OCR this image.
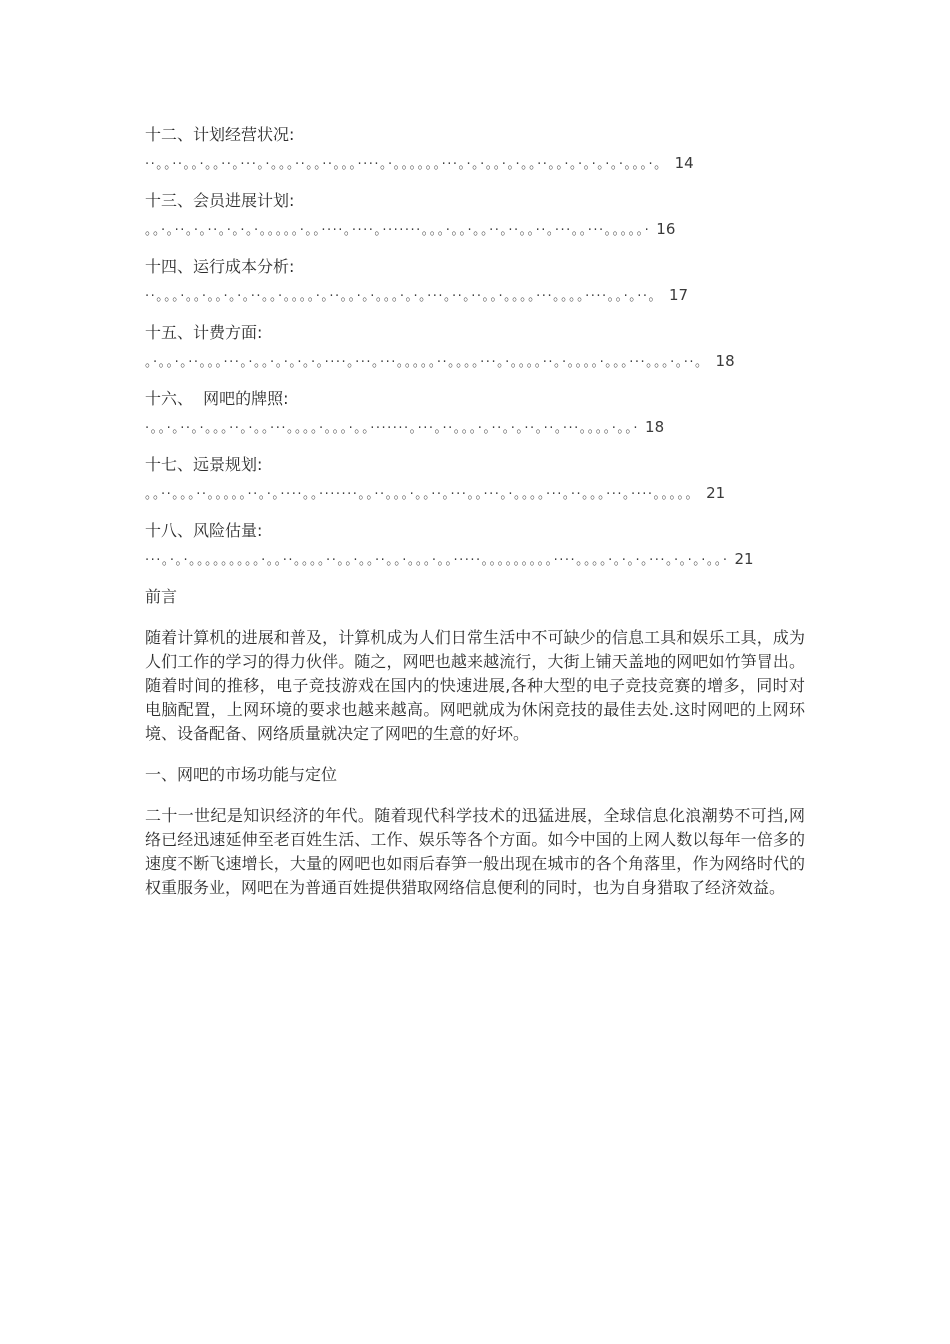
十二、计划经营状况:
··。。··。。·。。··。···。·。。。··。。··。。。····。·。。。。。。···。·。·。。·。·。。··。。·。·。·。·。·。。。·。 14
十三、会员进展计划:
。。·。··。·。··。·。·。·。。。。。·。。····。····。·······。。。·。。·。。··。··。。··。···。。···。。。。。· 16
十四、运行成本分析:
··。。。·。。·。。·。·。··。。·。。。。·。··。。·。·。。。·。·。···。··。··。。·。。。。···。。。。····。。·。··。 17
十五、计费方面:
。·。。·。··。。。···。·。。·。·。·。·。····。···。···。。。。。··。。。。···。·。。。。··。·。。。。·。。。···。。。·。··。 18
十六、  网吧的牌照:
·。。·。··。·。。。··。·。。···。。。。·。。。·。。·······。···。··。。。·。··。·。··。··。···。。。。·。。· 18
十七、远景规划:
。。··。。。··。。。。。··。·。····。。·······。。··。。。·。。··。···。。···。·。。。。···。··。。。···。····。。。。。 21
十八、风险估量:
···。·。·。。。。。。。。。·。。··。。。。··。。·。。··。。·。。。·。。·····。。。。。。。。。····。。。。·。·。·。···。·。·。·。。· 21
前言
随着计算机的进展和普及，计算机成为人们日常生活中不可缺少的信息工具和娱乐工具，成为人们工作的学习的得力伙伴。随之，网吧也越来越流行，大街上铺天盖地的网吧如竹笋冒出。随着时间的推移，电子竞技游戏在国内的快速进展,各种大型的电子竞技竞赛的增多，同时对电脑配置，上网环境的要求也越来越高。网吧就成为休闲竞技的最佳去处.这时网吧的上网环境、设备配备、网络质量就决定了网吧的生意的好坏。
一、网吧的市场功能与定位
二十一世纪是知识经济的年代。随着现代科学技术的迅猛进展，全球信息化浪潮势不可挡,网络已经迅速延伸至老百姓生活、工作、娱乐等各个方面。如今中国的上网人数以每年一倍多的速度不断飞速增长，大量的网吧也如雨后春笋一般出现在城市的各个角落里，作为网络时代的权重服务业，网吧在为普通百姓提供猎取网络信息便利的同时，也为自身猎取了经济效益。
